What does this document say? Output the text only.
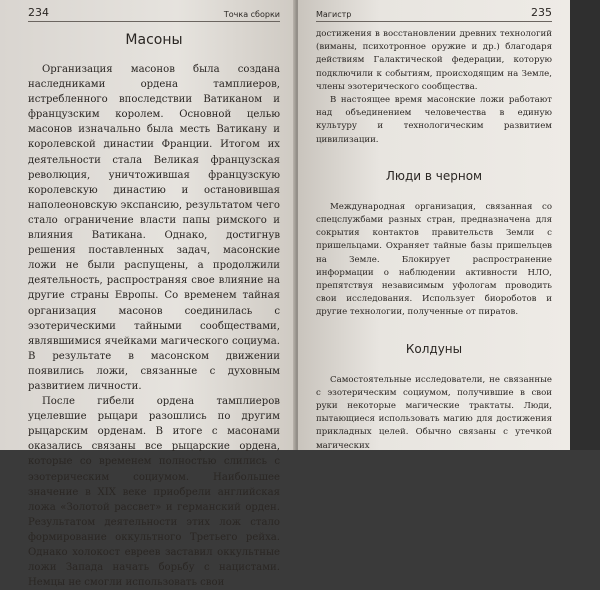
234	Точка сборки
Масоны

Организация масонов была создана наследниками ордена тамплиеров, истребленного впоследствии Ватиканом и французским королем. Основной целью масонов изначально была месть Ватикану и королевской династии Франции. Итогом их деятельности стала Великая французская революция, уничтожившая французскую королевскую династию и остановившая наполеоновскую экспансию, результатом чего стало ограничение власти папы римского и влияния Ватикана. Однако, достигнув решения поставленных задач, масонские ложи не были распущены, а продолжили деятельность, распространяя свое влияние на другие страны Европы. Со временем тайная организация масонов соединилась с эзотерическими тайными сообществами, являвшимися ячейками магического социума. В результате в масонском движении появились ложи, связанные с духовным развитием личности.

После гибели ордена тамплиеров уцелевшие рыцари разошлись по другим рыцарским орденам. В итоге с масонами оказались связаны все рыцарские ордена, которые со временем полностью слились с эзотерическим социумом. Наибольшее значение в XIX веке приобрели английская ложа «Золотой рассвет» и германский орден. Результатом деятельности этих лож стало формирование оккультного Третьего рейха. Однако холокост евреев заставил оккультные ложи Запада начать борьбу с нацистами. Немцы не смогли использовать свои

Магистр	235

достижения в восстановлении древних технологий (виманы, психотронное оружие и др.) благодаря действиям Галактической федерации, которую подключили к событиям, происходящим на Земле, члены эзотерического сообщества.

В настоящее время масонские ложи работают над объединением человечества в единую культуру и технологическим развитием цивилизации.

Люди в черном

Международная организация, связанная со спецслужбами разных стран, предназначена для сокрытия контактов правительств Земли с пришельцами. Охраняет тайные базы пришельцев на Земле. Блокирует распространение информации о наблюдении активности НЛО, препятствуя независимым уфологам проводить свои исследования. Использует биороботов и другие технологии, полученные от пиратов.

Колдуны

Самостоятельные исследователи, не связанные с эзотерическим социумом, получившие в свои руки некоторые магические трактаты. Люди, пытающиеся использовать магию для достижения прикладных целей. Обычно связаны с утечкой магических
